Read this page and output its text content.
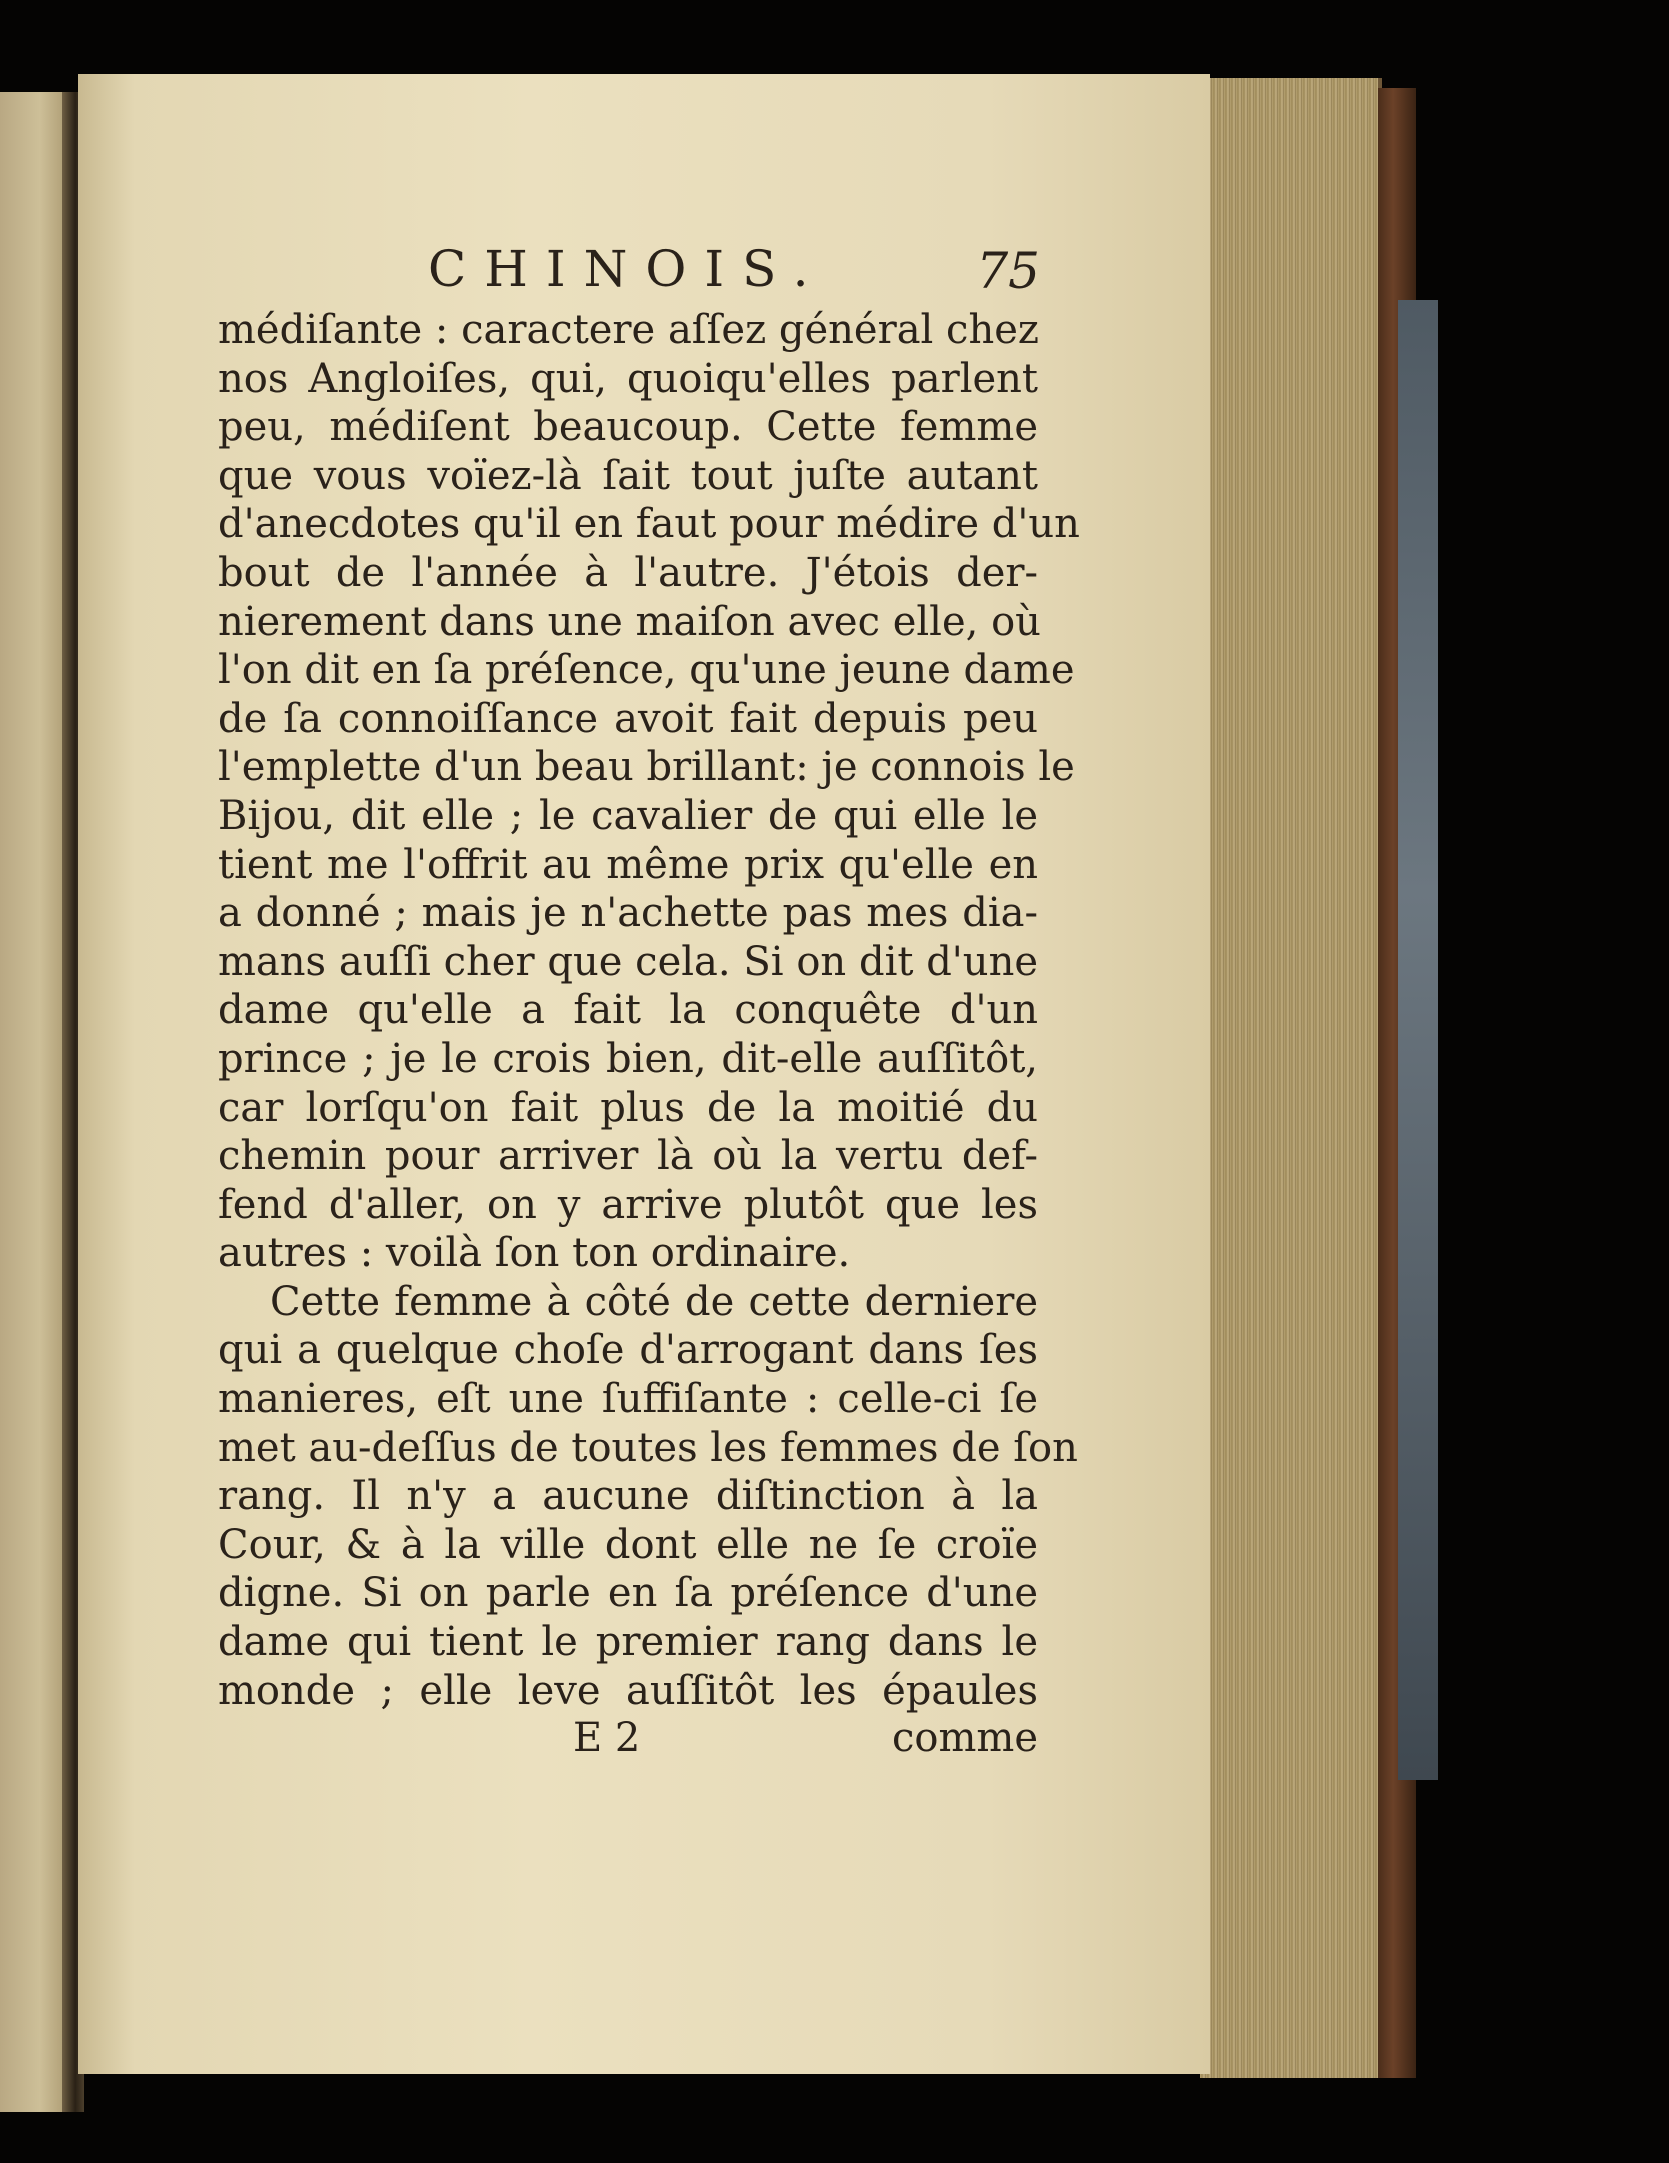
CHINOIS.	75
médiſante : caractere aſſez général chez
nos Angloiſes, qui, quoiqu'elles parlent
peu, médiſent beaucoup. Cette femme
que vous voïez-là ſait tout juſte autant
d'anecdotes qu'il en faut pour médire d'un
bout de l'année à l'autre. J'étois der-
nierement dans une maiſon avec elle, où
l'on dit en ſa préſence, qu'une jeune dame
de ſa connoiſſance avoit fait depuis peu
l'emplette d'un beau brillant: je connois le
Bijou, dit elle ; le cavalier de qui elle le
tient me l'offrit au même prix qu'elle en
a donné ; mais je n'achette pas mes dia-
mans auſſi cher que cela. Si on dit d'une
dame qu'elle a fait la conquête d'un
prince ; je le crois bien, dit-elle auſſitôt,
car lorſqu'on fait plus de la moitié du
chemin pour arriver là où la vertu def-
fend d'aller, on y arrive plutôt que les
autres : voilà ſon ton ordinaire.
Cette femme à côté de cette derniere
qui a quelque choſe d'arrogant dans ſes
manieres, eſt une ſuffiſante : celle-ci ſe
met au-deſſus de toutes les femmes de ſon
rang. Il n'y a aucune diſtinction à la
Cour, & à la ville dont elle ne ſe croïe
digne. Si on parle en ſa préſence d'une
dame qui tient le premier rang dans le
monde ; elle leve auſſitôt les épaules
E 2	comme
